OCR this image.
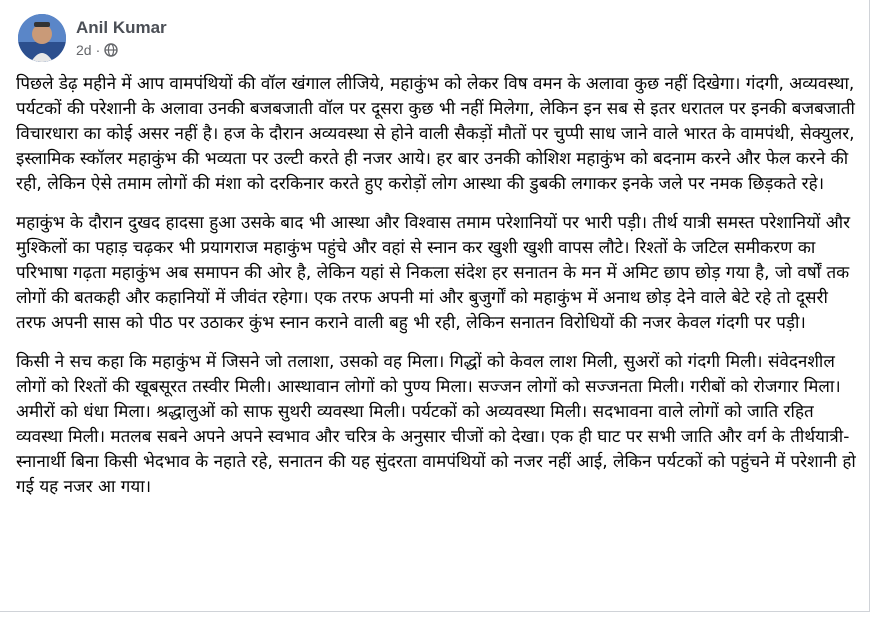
Anil Kumar
2d ·

पिछले डेढ़ महीने में आप वामपंथियों की वॉल खंगाल लीजिये, महाकुंभ को लेकर विष वमन के अलावा कुछ नहीं दिखेगा। गंदगी, अव्यवस्था, पर्यटकों की परेशानी के अलावा उनकी बजबजाती वॉल पर दूसरा कुछ भी नहीं मिलेगा, लेकिन इन सब से इतर धरातल पर इनकी बजबजाती विचारधारा का कोई असर नहीं है। हज के दौरान अव्यवस्था से होने वाली सैकड़ों मौतों पर चुप्पी साध जाने वाले भारत के वामपंथी, सेक्युलर, इस्लामिक स्कॉलर महाकुंभ की भव्यता पर उल्टी करते ही नजर आये। हर बार उनकी कोशिश महाकुंभ को बदनाम करने और फेल करने की रही, लेकिन ऐसे तमाम लोगों की मंशा को दरकिनार करते हुए करोड़ों लोग आस्था की डुबकी लगाकर इनके जले पर नमक छिड़कते रहे।

महाकुंभ के दौरान दुखद हादसा हुआ उसके बाद भी आस्था और विश्वास तमाम परेशानियों पर भारी पड़ी। तीर्थ यात्री समस्त परेशानियों और मुश्किलों का पहाड़ चढ़कर भी प्रयागराज महाकुंभ पहुंचे और वहां से स्नान कर खुशी खुशी वापस लौटे। रिश्तों के जटिल समीकरण का परिभाषा गढ़ता महाकुंभ अब समापन की ओर है, लेकिन यहां से निकला संदेश हर सनातन के मन में अमिट छाप छोड़ गया है, जो वर्षों तक लोगों की बतकही और कहानियों में जीवंत रहेगा। एक तरफ अपनी मां और बुजुर्गों को महाकुंभ में अनाथ छोड़ देने वाले बेटे रहे तो दूसरी तरफ अपनी सास को पीठ पर उठाकर कुंभ स्नान कराने वाली बहु भी रही, लेकिन सनातन विरोधियों की नजर केवल गंदगी पर पड़ी।

किसी ने सच कहा कि महाकुंभ में जिसने जो तलाशा, उसको वह मिला। गिद्धों को केवल लाश मिली, सुअरों को गंदगी मिली। संवेदनशील लोगों को रिश्तों की खूबसूरत तस्वीर मिली। आस्थावान लोगों को पुण्य मिला। सज्जन लोगों को सज्जनता मिली। गरीबों को रोजगार मिला। अमीरों को धंधा मिला। श्रद्धालुओं को साफ सुथरी व्यवस्था मिली। पर्यटकों को अव्यवस्था मिली। सदभावना वाले लोगों को जाति रहित व्यवस्था मिली। मतलब सबने अपने अपने स्वभाव और चरित्र के अनुसार चीजों को देखा। एक ही घाट पर सभी जाति और वर्ग के तीर्थयात्री-स्नानार्थी बिना किसी भेदभाव के नहाते रहे, सनातन की यह सुंदरता वामपंथियों को नजर नहीं आई, लेकिन पर्यटकों को पहुंचने में परेशानी हो गई यह नजर आ गया।
